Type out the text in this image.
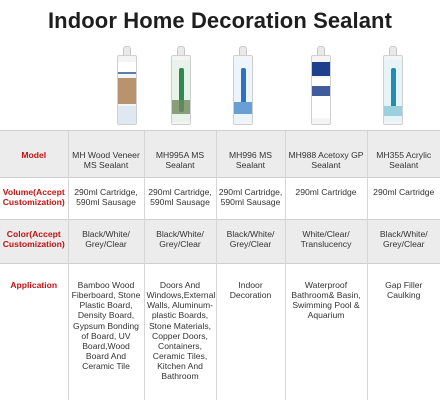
Indoor Home Decoration Sealant
Model	MH Wood Veneer MS Sealant	MH995A MS Sealant	MH996 MS Sealant	MH988 Acetoxy GP Sealant	MH355 Acrylic Sealant
Volume(Accept Customization)	290ml Cartridge, 590ml Sausage	290ml Cartridge, 590ml Sausage	290ml Cartridge, 590ml Sausage	290ml Cartridge	290ml Cartridge
Color(Accept Customization)	Black/White/ Grey/Clear	Black/White/ Grey/Clear	Black/White/ Grey/Clear	White/Clear/ Translucency	Black/White/ Grey/Clear
Application	Bamboo Wood Fiberboard, Stone Plastic Board, Density Board, Gypsum Bonding of Board, UV Board,Wood Board And Ceramic Tile	Doors And Windows,External Walls, Aluminum-plastic Boards, Stone Materials, Copper Doors, Containers, Ceramic Tiles, Kitchen And Bathroom	Indoor Decoration	Waterproof Bathroom& Basin, Swimming Pool & Aquarium	Gap Filler Caulking
